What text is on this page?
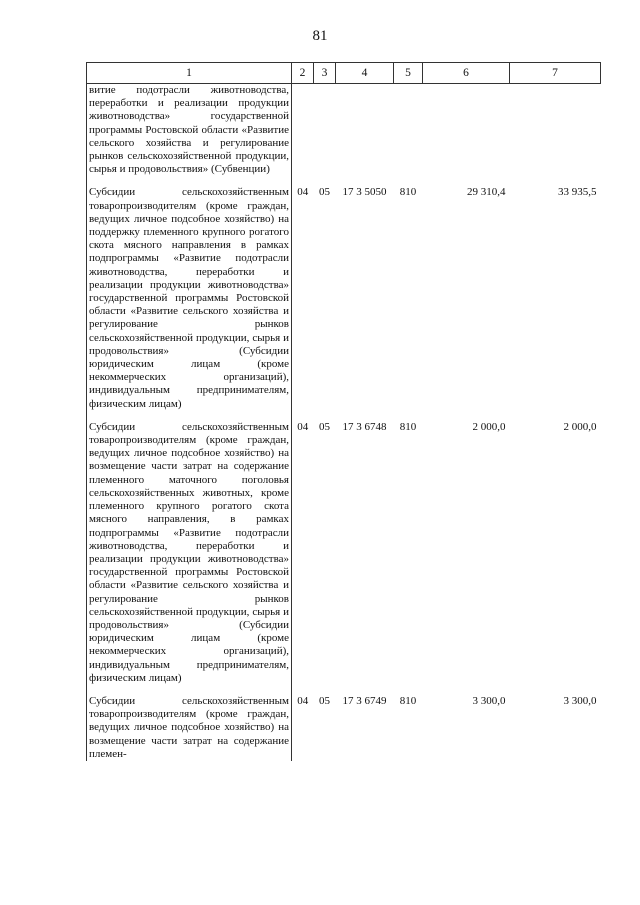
81
1	2	3	4	5	6	7
витие подотрасли животноводства, переработки и реализации продукции животноводства» государственной программы Ростовской области «Развитие сельского хозяйства и регулирование рынков сельскохозяйственной продукции, сырья и продовольствия» (Субвенции)						

Субсидии сельскохозяйственным товаропроизводителям (кроме граждан, ведущих личное подсобное хозяйство) на поддержку племенного крупного рогатого скота мясного направления в рамках подпрограммы «Развитие подотрасли животноводства, переработки и реализации продукции животноводства» государственной программы Ростовской области «Развитие сельского хозяйства и регулирование рынков сельскохозяйственной продукции, сырья и продовольствия» (Субсидии юридическим лицам (кроме некоммерческих организаций), индивидуальным предпринимателям, физическим лицам)	04	05	17 3 5050	810	29 310,4	33 935,5

Субсидии сельскохозяйственным товаропроизводителям (кроме граждан, ведущих личное подсобное хозяйство) на возмещение части затрат на содержание племенного маточного поголовья сельскохозяйственных животных, кроме племенного крупного рогатого скота мясного направления, в рамках подпрограммы «Развитие подотрасли животноводства, переработки и реализации продукции животноводства» государственной программы Ростовской области «Развитие сельского хозяйства и регулирование рынков сельскохозяйственной продукции, сырья и продовольствия» (Субсидии юридическим лицам (кроме некоммерческих организаций), индивидуальным предпринимателям, физическим лицам)	04	05	17 3 6748	810	2 000,0	2 000,0

Субсидии сельскохозяйственным товаропроизводителям (кроме граждан, ведущих личное подсобное хозяйство) на возмещение части затрат на содержание племен-	04	05	17 3 6749	810	3 300,0	3 300,0
